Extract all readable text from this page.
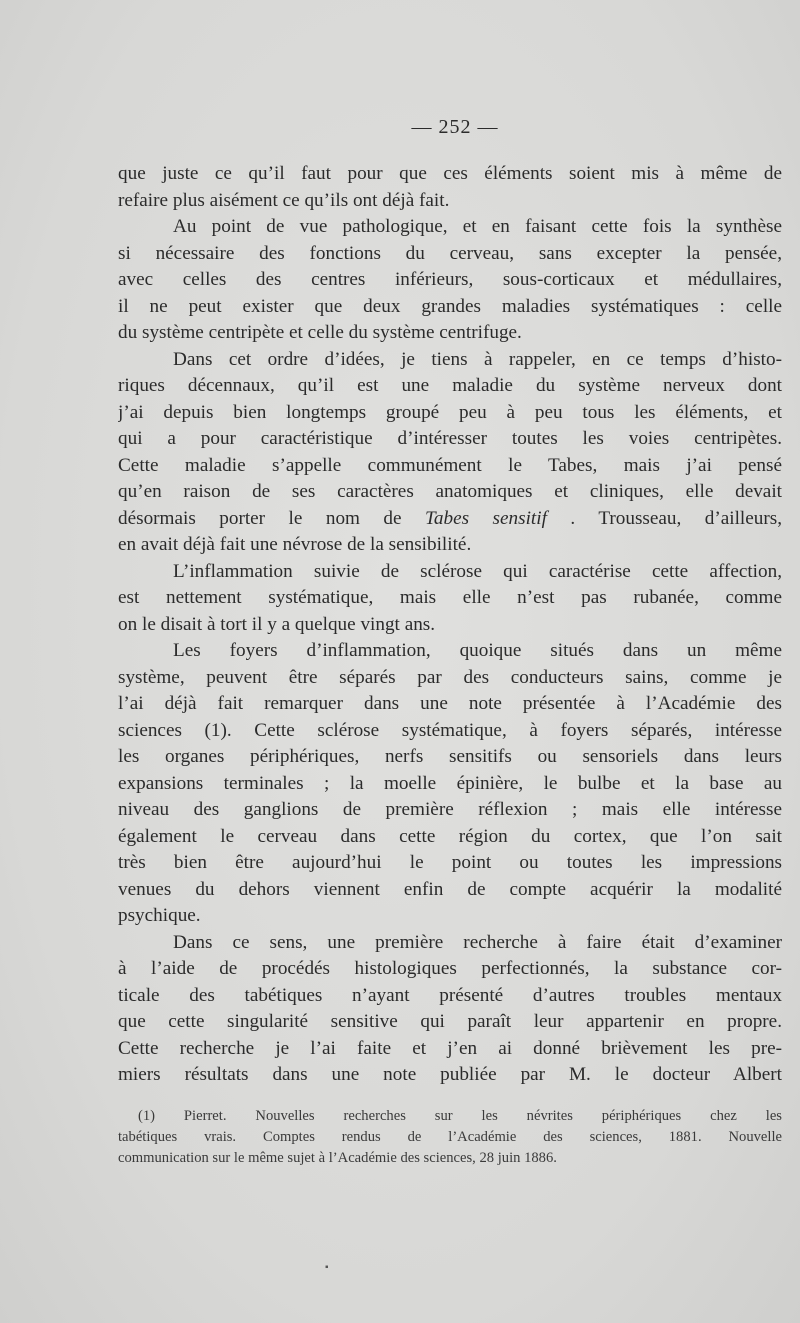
— 252 —
que juste ce qu’il faut pour que ces éléments soient mis à même de
refaire plus aisément ce qu’ils ont déjà fait.
Au point de vue pathologique, et en faisant cette fois la synthèse
si nécessaire des fonctions du cerveau, sans excepter la pensée,
avec celles des centres inférieurs, sous-corticaux et médullaires,
il ne peut exister que deux grandes maladies systématiques : celle
du système centripète et celle du système centrifuge.
Dans cet ordre d’idées, je tiens à rappeler, en ce temps d’histo-
riques décennaux, qu’il est une maladie du système nerveux dont
j’ai depuis bien longtemps groupé peu à peu tous les éléments, et
qui a pour caractéristique d’intéresser toutes les voies centripètes.
Cette maladie s’appelle communément le Tabes, mais j’ai pensé
qu’en raison de ses caractères anatomiques et cliniques, elle devait
désormais porter le nom de Tabes sensitif . Trousseau, d’ailleurs,
en avait déjà fait une névrose de la sensibilité.
L’inflammation suivie de sclérose qui caractérise cette affection,
est nettement systématique, mais elle n’est pas rubanée, comme
on le disait à tort il y a quelque vingt ans.
Les foyers d’inflammation, quoique situés dans un même
système, peuvent être séparés par des conducteurs sains, comme je
l’ai déjà fait remarquer dans une note présentée à l’Académie des
sciences (1). Cette sclérose systématique, à foyers séparés, intéresse
les organes périphériques, nerfs sensitifs ou sensoriels dans leurs
expansions terminales ; la moelle épinière, le bulbe et la base au
niveau des ganglions de première réflexion ; mais elle intéresse
également le cerveau dans cette région du cortex, que l’on sait
très bien être aujourd’hui le point ou toutes les impressions
venues du dehors viennent enfin de compte acquérir la modalité
psychique.
Dans ce sens, une première recherche à faire était d’examiner
à l’aide de procédés histologiques perfectionnés, la substance cor-
ticale des tabétiques n’ayant présenté d’autres troubles mentaux
que cette singularité sensitive qui paraît leur appartenir en propre.
Cette recherche je l’ai faite et j’en ai donné brièvement les pre-
miers résultats dans une note publiée par M. le docteur Albert
(1) Pierret. Nouvelles recherches sur les névrites périphériques chez les
tabétiques vrais. Comptes rendus de l’Académie des sciences, 1881. Nouvelle
communication sur le même sujet à l’Académie des sciences, 28 juin 1886.
▪
